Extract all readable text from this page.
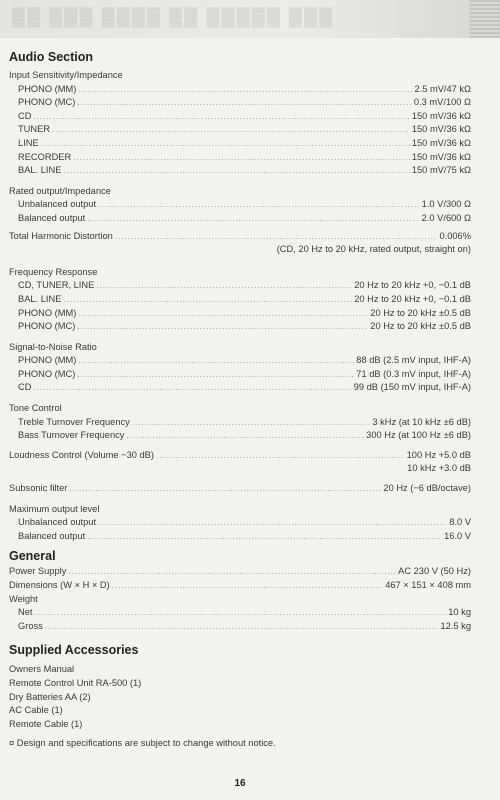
▓▓ ▓▓▓ ▓▓▓▓ ▓▓ ▓▓▓▓▓ ▓▓▓
Audio Section
Input Sensitivity/Impedance
PHONO (MM) .....	2.5 mV/47 kΩ
PHONO (MC) .....	0.3 mV/100 Ω
CD .....	150 mV/36 kΩ
TUNER .....	150 mV/36 kΩ
LINE .....	150 mV/36 kΩ
RECORDER .....	150 mV/36 kΩ
BAL. LINE .....	150 mV/75 kΩ
Rated output/Impedance
Unbalanced output .....	1.0 V/300 Ω
Balanced output .....	2.0 V/600 Ω
Total Harmonic Distortion .....	0.006%
(CD, 20 Hz to 20 kHz, rated output, straight on)
Frequency Response
CD, TUNER, LINE .....	20 Hz to 20 kHz +0, −0.1 dB
BAL. LINE .....	20 Hz to 20 kHz +0, −0.1 dB
PHONO (MM) .....	20 Hz to 20 kHz ±0.5 dB
PHONO (MC) .....	20 Hz to 20 kHz ±0.5 dB
Signal-to-Noise Ratio
PHONO (MM) .....	88 dB (2.5 mV input, IHF-A)
PHONO (MC) .....	71 dB (0.3 mV input, IHF-A)
CD .....	99 dB (150 mV input, IHF-A)
Tone Control
Treble Turnover Frequency .....	3 kHz (at 10 kHz ±6 dB)
Bass Turnover Frequency .....	300 Hz (at 100 Hz ±6 dB)
Loudness Control (Volume −30 dB) .....	100 Hz +5.0 dB
10 kHz +3.0 dB
Subsonic filter .....	20 Hz (−6 dB/octave)
Maximum output level
Unbalanced output .....	8.0 V
Balanced output .....	16.0 V
General
Power Supply .....	AC 230 V (50 Hz)
Dimensions (W × H × D) .....	467 × 151 × 408 mm
Weight
Net .....	10 kg
Gross .....	12.5 kg
Supplied Accessories
Owners Manual
Remote Control Unit RA-500 (1)
Dry Batteries AA (2)
AC Cable (1)
Remote Cable (1)
¤ Design and specifications are subject to change without notice.
16
